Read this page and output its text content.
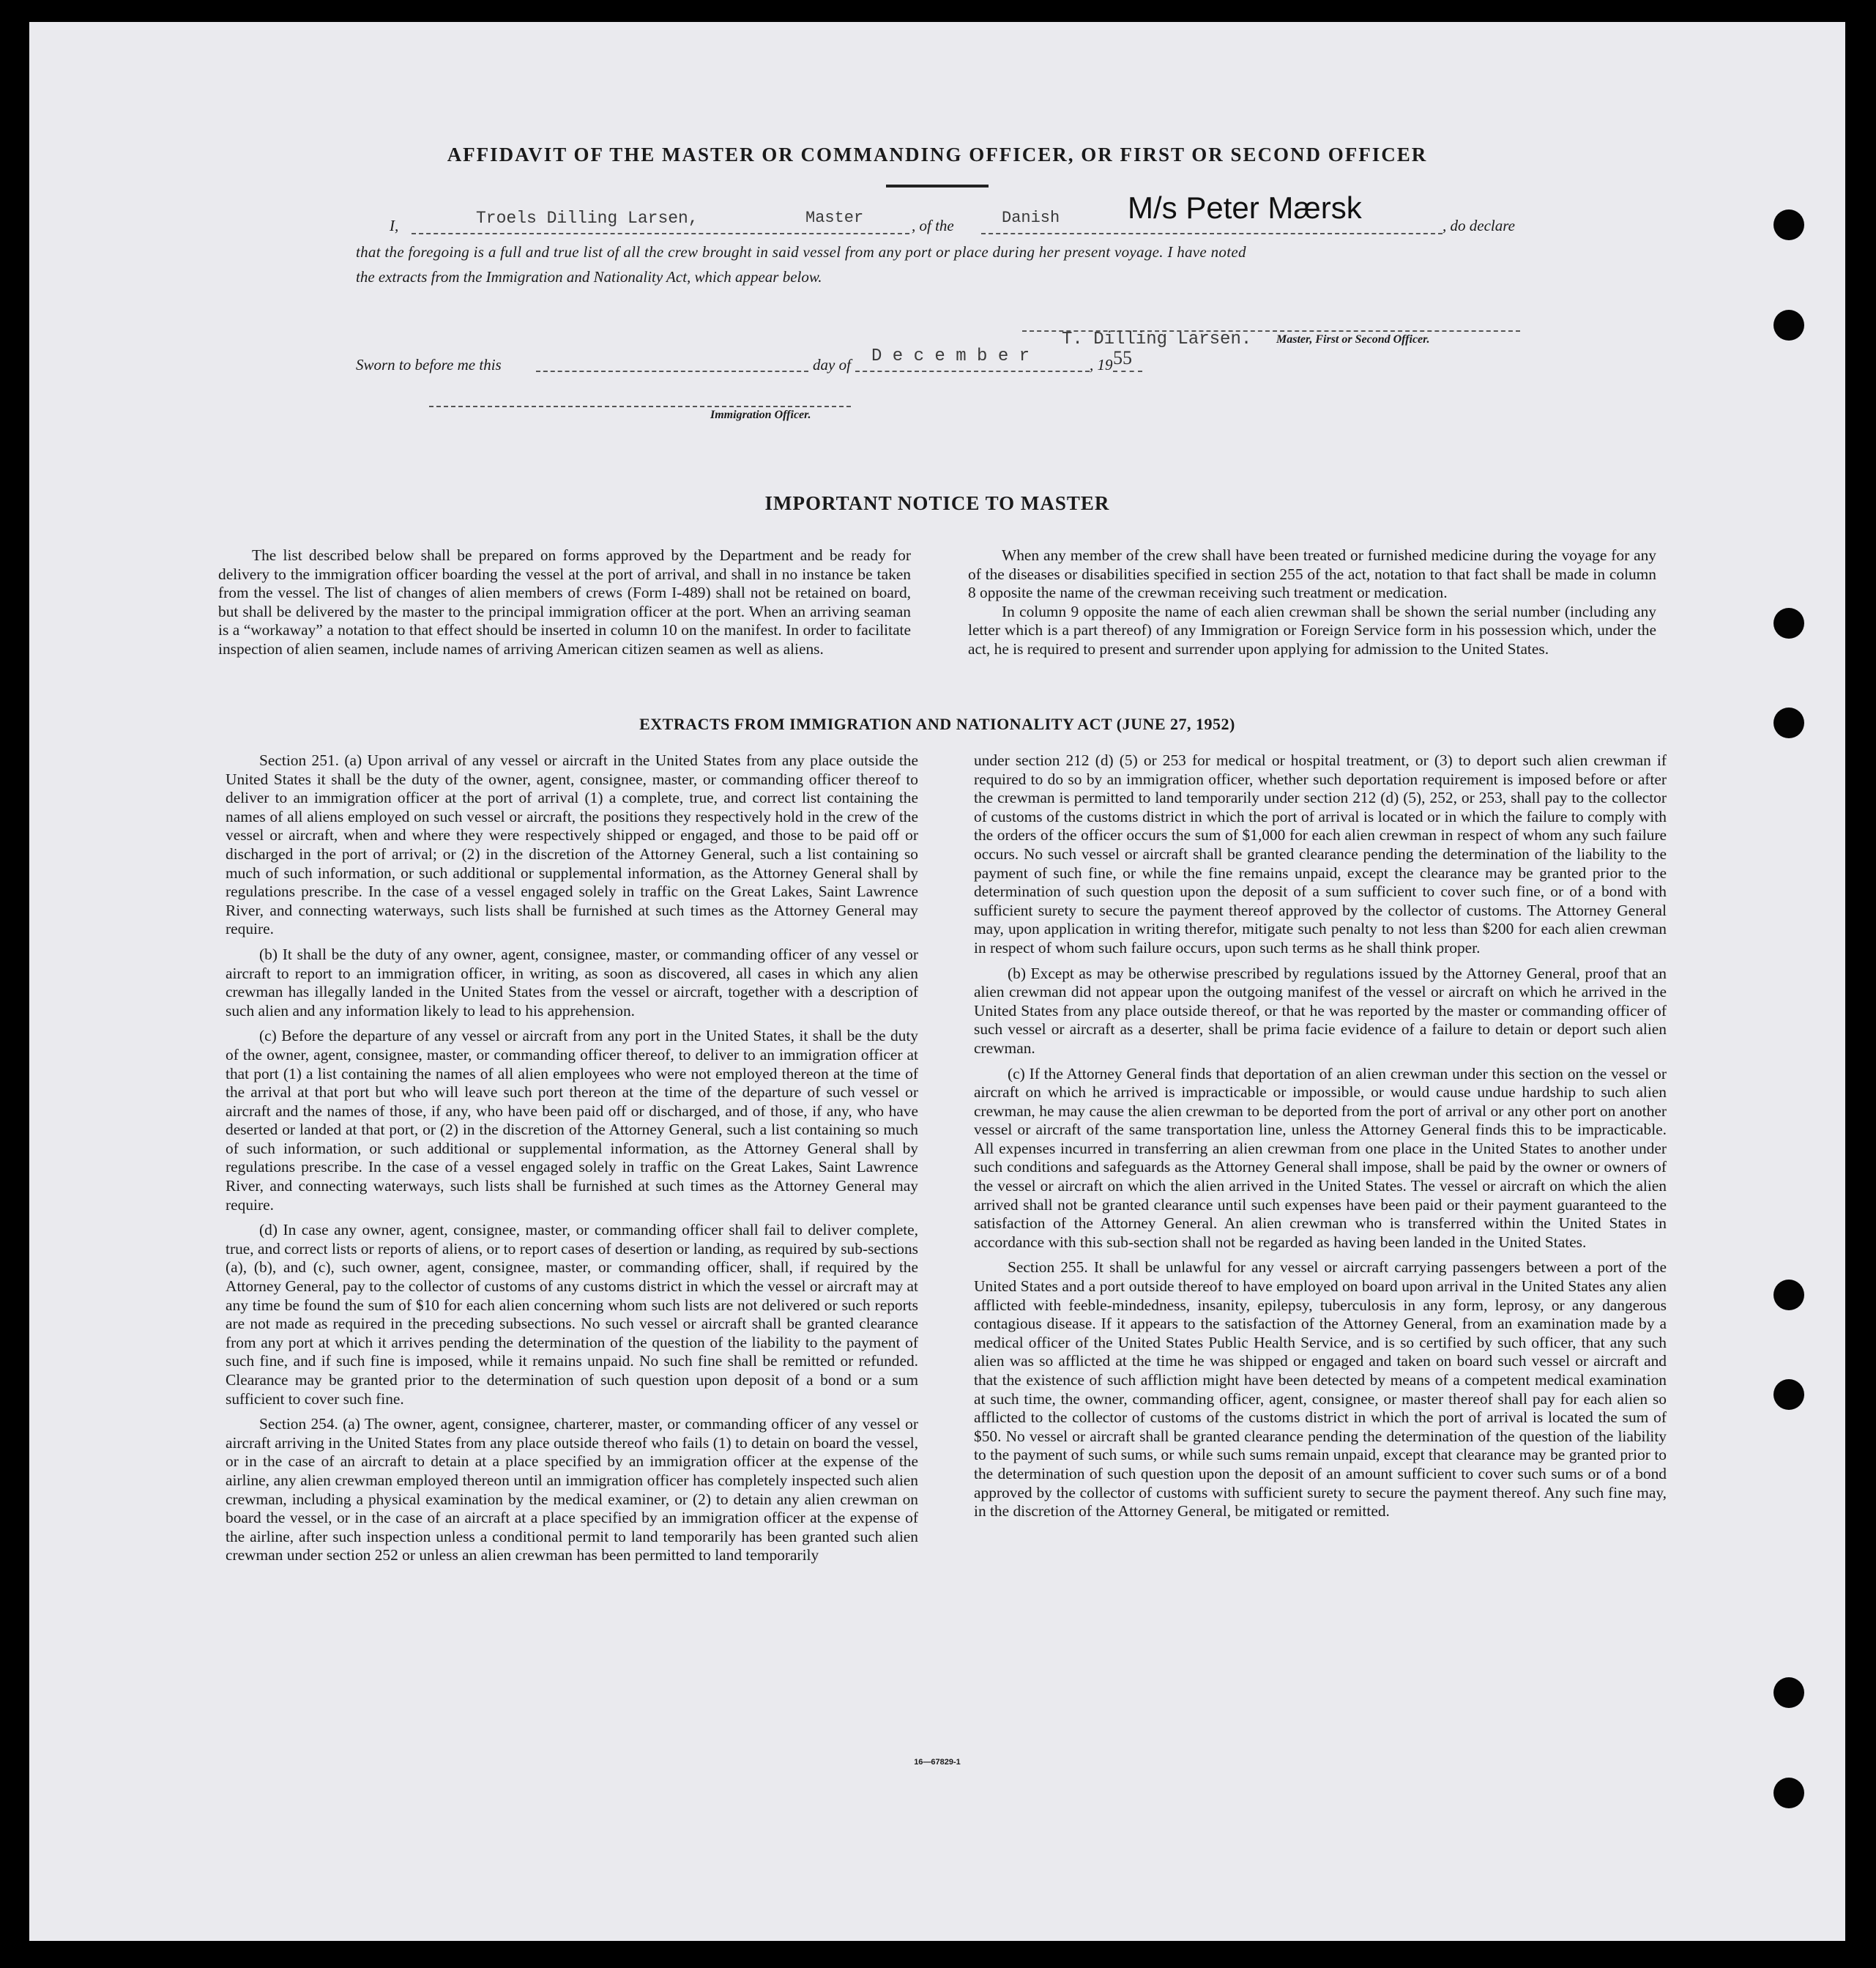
AFFIDAVIT OF THE MASTER OR COMMANDING OFFICER, OR FIRST OR SECOND OFFICER
I,	Troels Dilling Larsen,	Master	, of the	Danish M/s Peter Mærsk
, do declare
that the foregoing is a full and true list of all the crew brought in said vessel from any port or place during her present voyage. I have noted
the extracts from the Immigration and Nationality Act, which appear below.
T. Dilling Larsen. Master, First or Second Officer.
Sworn to before me this	day of D e c e m b e r	, 19 55
Immigration Officer.
IMPORTANT NOTICE TO MASTER

The list described below shall be prepared on forms approved by the Department and be ready for delivery to the immigration officer boarding the vessel at the port of arrival, and shall in no instance be taken from the vessel. The list of changes of alien members of crews (Form I-489) shall not be retained on board, but shall be delivered by the master to the principal immigration officer at the port. When an arriving seaman is a “workaway” a notation to that effect should be inserted in column 10 on the manifest. In order to facilitate inspection of alien seamen, include names of arriving American citizen seamen as well as aliens.

When any member of the crew shall have been treated or furnished medicine during the voyage for any of the diseases or disabilities specified in section 255 of the act, notation to that fact shall be made in column 8 opposite the name of the crewman receiving such treatment or medication.

In column 9 opposite the name of each alien crewman shall be shown the serial number (including any letter which is a part thereof) of any Immigration or Foreign Service form in his possession which, under the act, he is required to present and surrender upon applying for admission to the United States.

EXTRACTS FROM IMMIGRATION AND NATIONALITY ACT (JUNE 27, 1952)

Section 251. (a) Upon arrival of any vessel or aircraft in the United States from any place outside the United States it shall be the duty of the owner, agent, consignee, master, or commanding officer thereof to deliver to an immigration officer at the port of arrival (1) a complete, true, and correct list containing the names of all aliens employed on such vessel or aircraft, the positions they respectively hold in the crew of the vessel or aircraft, when and where they were respectively shipped or engaged, and those to be paid off or discharged in the port of arrival; or (2) in the discretion of the Attorney General, such a list containing so much of such information, or such additional or supplemental information, as the Attorney General shall by regulations prescribe. In the case of a vessel engaged solely in traffic on the Great Lakes, Saint Lawrence River, and connecting waterways, such lists shall be furnished at such times as the Attorney General may require.

(b) It shall be the duty of any owner, agent, consignee, master, or commanding officer of any vessel or aircraft to report to an immigration officer, in writing, as soon as discovered, all cases in which any alien crewman has illegally landed in the United States from the vessel or aircraft, together with a description of such alien and any information likely to lead to his apprehension.

(c) Before the departure of any vessel or aircraft from any port in the United States, it shall be the duty of the owner, agent, consignee, master, or commanding officer thereof, to deliver to an immigration officer at that port (1) a list containing the names of all alien employees who were not employed thereon at the time of the arrival at that port but who will leave such port thereon at the time of the departure of such vessel or aircraft and the names of those, if any, who have been paid off or discharged, and of those, if any, who have deserted or landed at that port, or (2) in the discretion of the Attorney General, such a list containing so much of such information, or such additional or supplemental information, as the Attorney General shall by regulations prescribe. In the case of a vessel engaged solely in traffic on the Great Lakes, Saint Lawrence River, and connecting waterways, such lists shall be furnished at such times as the Attorney General may require.

(d) In case any owner, agent, consignee, master, or commanding officer shall fail to deliver complete, true, and correct lists or reports of aliens, or to report cases of desertion or landing, as required by sub-sections (a), (b), and (c), such owner, agent, consignee, master, or commanding officer, shall, if required by the Attorney General, pay to the collector of customs of any customs district in which the vessel or aircraft may at any time be found the sum of $10 for each alien concerning whom such lists are not delivered or such reports are not made as required in the preceding subsections. No such vessel or aircraft shall be granted clearance from any port at which it arrives pending the determination of the question of the liability to the payment of such fine, and if such fine is imposed, while it remains unpaid. No such fine shall be remitted or refunded. Clearance may be granted prior to the determination of such question upon deposit of a bond or a sum sufficient to cover such fine.

Section 254. (a) The owner, agent, consignee, charterer, master, or commanding officer of any vessel or aircraft arriving in the United States from any place outside thereof who fails (1) to detain on board the vessel, or in the case of an aircraft to detain at a place specified by an immigration officer at the expense of the airline, any alien crewman employed thereon until an immigration officer has completely inspected such alien crewman, including a physical examination by the medical examiner, or (2) to detain any alien crewman on board the vessel, or in the case of an aircraft at a place specified by an immigration officer at the expense of the airline, after such inspection unless a conditional permit to land temporarily has been granted such alien crewman under section 252 or unless an alien crewman has been permitted to land temporarily

under section 212 (d) (5) or 253 for medical or hospital treatment, or (3) to deport such alien crewman if required to do so by an immigration officer, whether such deportation requirement is imposed before or after the crewman is permitted to land temporarily under section 212 (d) (5), 252, or 253, shall pay to the collector of customs of the customs district in which the port of arrival is located or in which the failure to comply with the orders of the officer occurs the sum of $1,000 for each alien crewman in respect of whom any such failure occurs. No such vessel or aircraft shall be granted clearance pending the determination of the liability to the payment of such fine, or while the fine remains unpaid, except the clearance may be granted prior to the determination of such question upon the deposit of a sum sufficient to cover such fine, or of a bond with sufficient surety to secure the payment thereof approved by the collector of customs. The Attorney General may, upon application in writing therefor, mitigate such penalty to not less than $200 for each alien crewman in respect of whom such failure occurs, upon such terms as he shall think proper.

(b) Except as may be otherwise prescribed by regulations issued by the Attorney General, proof that an alien crewman did not appear upon the outgoing manifest of the vessel or aircraft on which he arrived in the United States from any place outside thereof, or that he was reported by the master or commanding officer of such vessel or aircraft as a deserter, shall be prima facie evidence of a failure to detain or deport such alien crewman.

(c) If the Attorney General finds that deportation of an alien crewman under this section on the vessel or aircraft on which he arrived is impracticable or impossible, or would cause undue hardship to such alien crewman, he may cause the alien crewman to be deported from the port of arrival or any other port on another vessel or aircraft of the same transportation line, unless the Attorney General finds this to be impracticable. All expenses incurred in transferring an alien crewman from one place in the United States to another under such conditions and safeguards as the Attorney General shall impose, shall be paid by the owner or owners of the vessel or aircraft on which the alien arrived in the United States. The vessel or aircraft on which the alien arrived shall not be granted clearance until such expenses have been paid or their payment guaranteed to the satisfaction of the Attorney General. An alien crewman who is transferred within the United States in accordance with this sub-section shall not be regarded as having been landed in the United States.

Section 255. It shall be unlawful for any vessel or aircraft carrying passengers between a port of the United States and a port outside thereof to have employed on board upon arrival in the United States any alien afflicted with feeble-mindedness, insanity, epilepsy, tuberculosis in any form, leprosy, or any dangerous contagious disease. If it appears to the satisfaction of the Attorney General, from an examination made by a medical officer of the United States Public Health Service, and is so certified by such officer, that any such alien was so afflicted at the time he was shipped or engaged and taken on board such vessel or aircraft and that the existence of such affliction might have been detected by means of a competent medical examination at such time, the owner, commanding officer, agent, consignee, or master thereof shall pay for each alien so afflicted to the collector of customs of the customs district in which the port of arrival is located the sum of $50. No vessel or aircraft shall be granted clearance pending the determination of the question of the liability to the payment of such sums, or while such sums remain unpaid, except that clearance may be granted prior to the determination of such question upon the deposit of an amount sufficient to cover such sums or of a bond approved by the collector of customs with sufficient surety to secure the payment thereof. Any such fine may, in the discretion of the Attorney General, be mitigated or remitted.

16—67829-1
